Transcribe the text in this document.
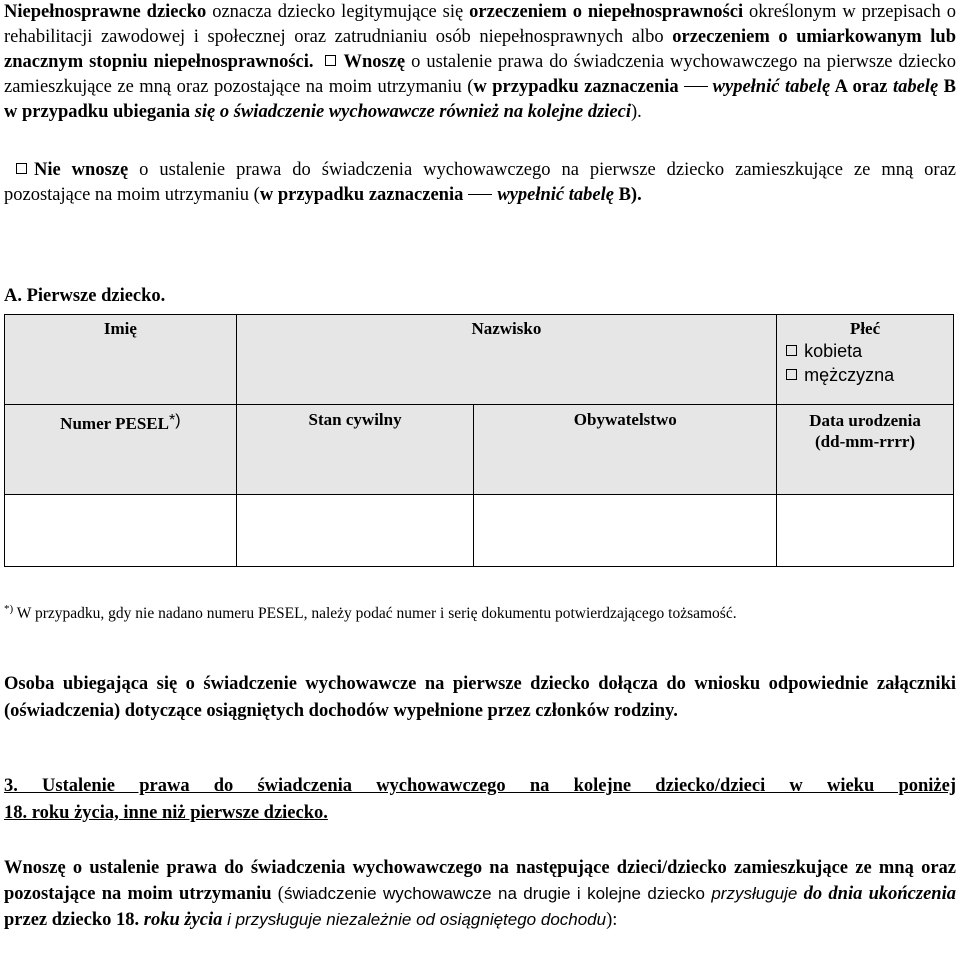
Niepełnosprawne dziecko oznacza dziecko legitymujące się orzeczeniem o niepełnosprawności określonym w przepisach o rehabilitacji zawodowej i społecznej oraz zatrudnianiu osób niepełnosprawnych albo orzeczeniem o umiarkowanym lub znacznym stopniu niepełnosprawności. Wnoszę o ustalenie prawa do świadczenia wychowawczego na pierwsze dziecko zamieszkujące ze mną oraz pozostające na moim utrzymaniu (w przypadku zaznaczenia wypełnić tabelę A oraz tabelę B w przypadku ubiegania się o świadczenie wychowawcze również na kolejne dzieci).

Nie wnoszę o ustalenie prawa do świadczenia wychowawczego na pierwsze dziecko zamieszkujące ze mną oraz pozostające na moim utrzymaniu (w przypadku zaznaczenia wypełnić tabelę B).

A. Pierwsze dziecko.

Imię	Nazwisko		Płeć
kobieta
mężczyzna

Numer PESEL*)	Stan cywilny	Obywatelstwo	Data urodzenia
(dd-mm-rrrr)

*) W przypadku, gdy nie nadano numeru PESEL, należy podać numer i serię dokumentu potwierdzającego tożsamość.

Osoba ubiegająca się o świadczenie wychowawcze na pierwsze dziecko dołącza do wniosku odpowiednie załączniki (oświadczenia) dotyczące osiągniętych dochodów wypełnione przez członków rodziny.

3. Ustalenie prawa do świadczenia wychowawczego na kolejne dziecko/dzieci w wieku poniżej

18. roku życia, inne niż pierwsze dziecko.

Wnoszę o ustalenie prawa do świadczenia wychowawczego na następujące dzieci/dziecko zamieszkujące ze mną oraz pozostające na moim utrzymaniu (świadczenie wychowawcze na drugie i kolejne dziecko przysługuje do dnia ukończenia przez dziecko 18. roku życia i przysługuje niezależnie od osiągniętego dochodu):
